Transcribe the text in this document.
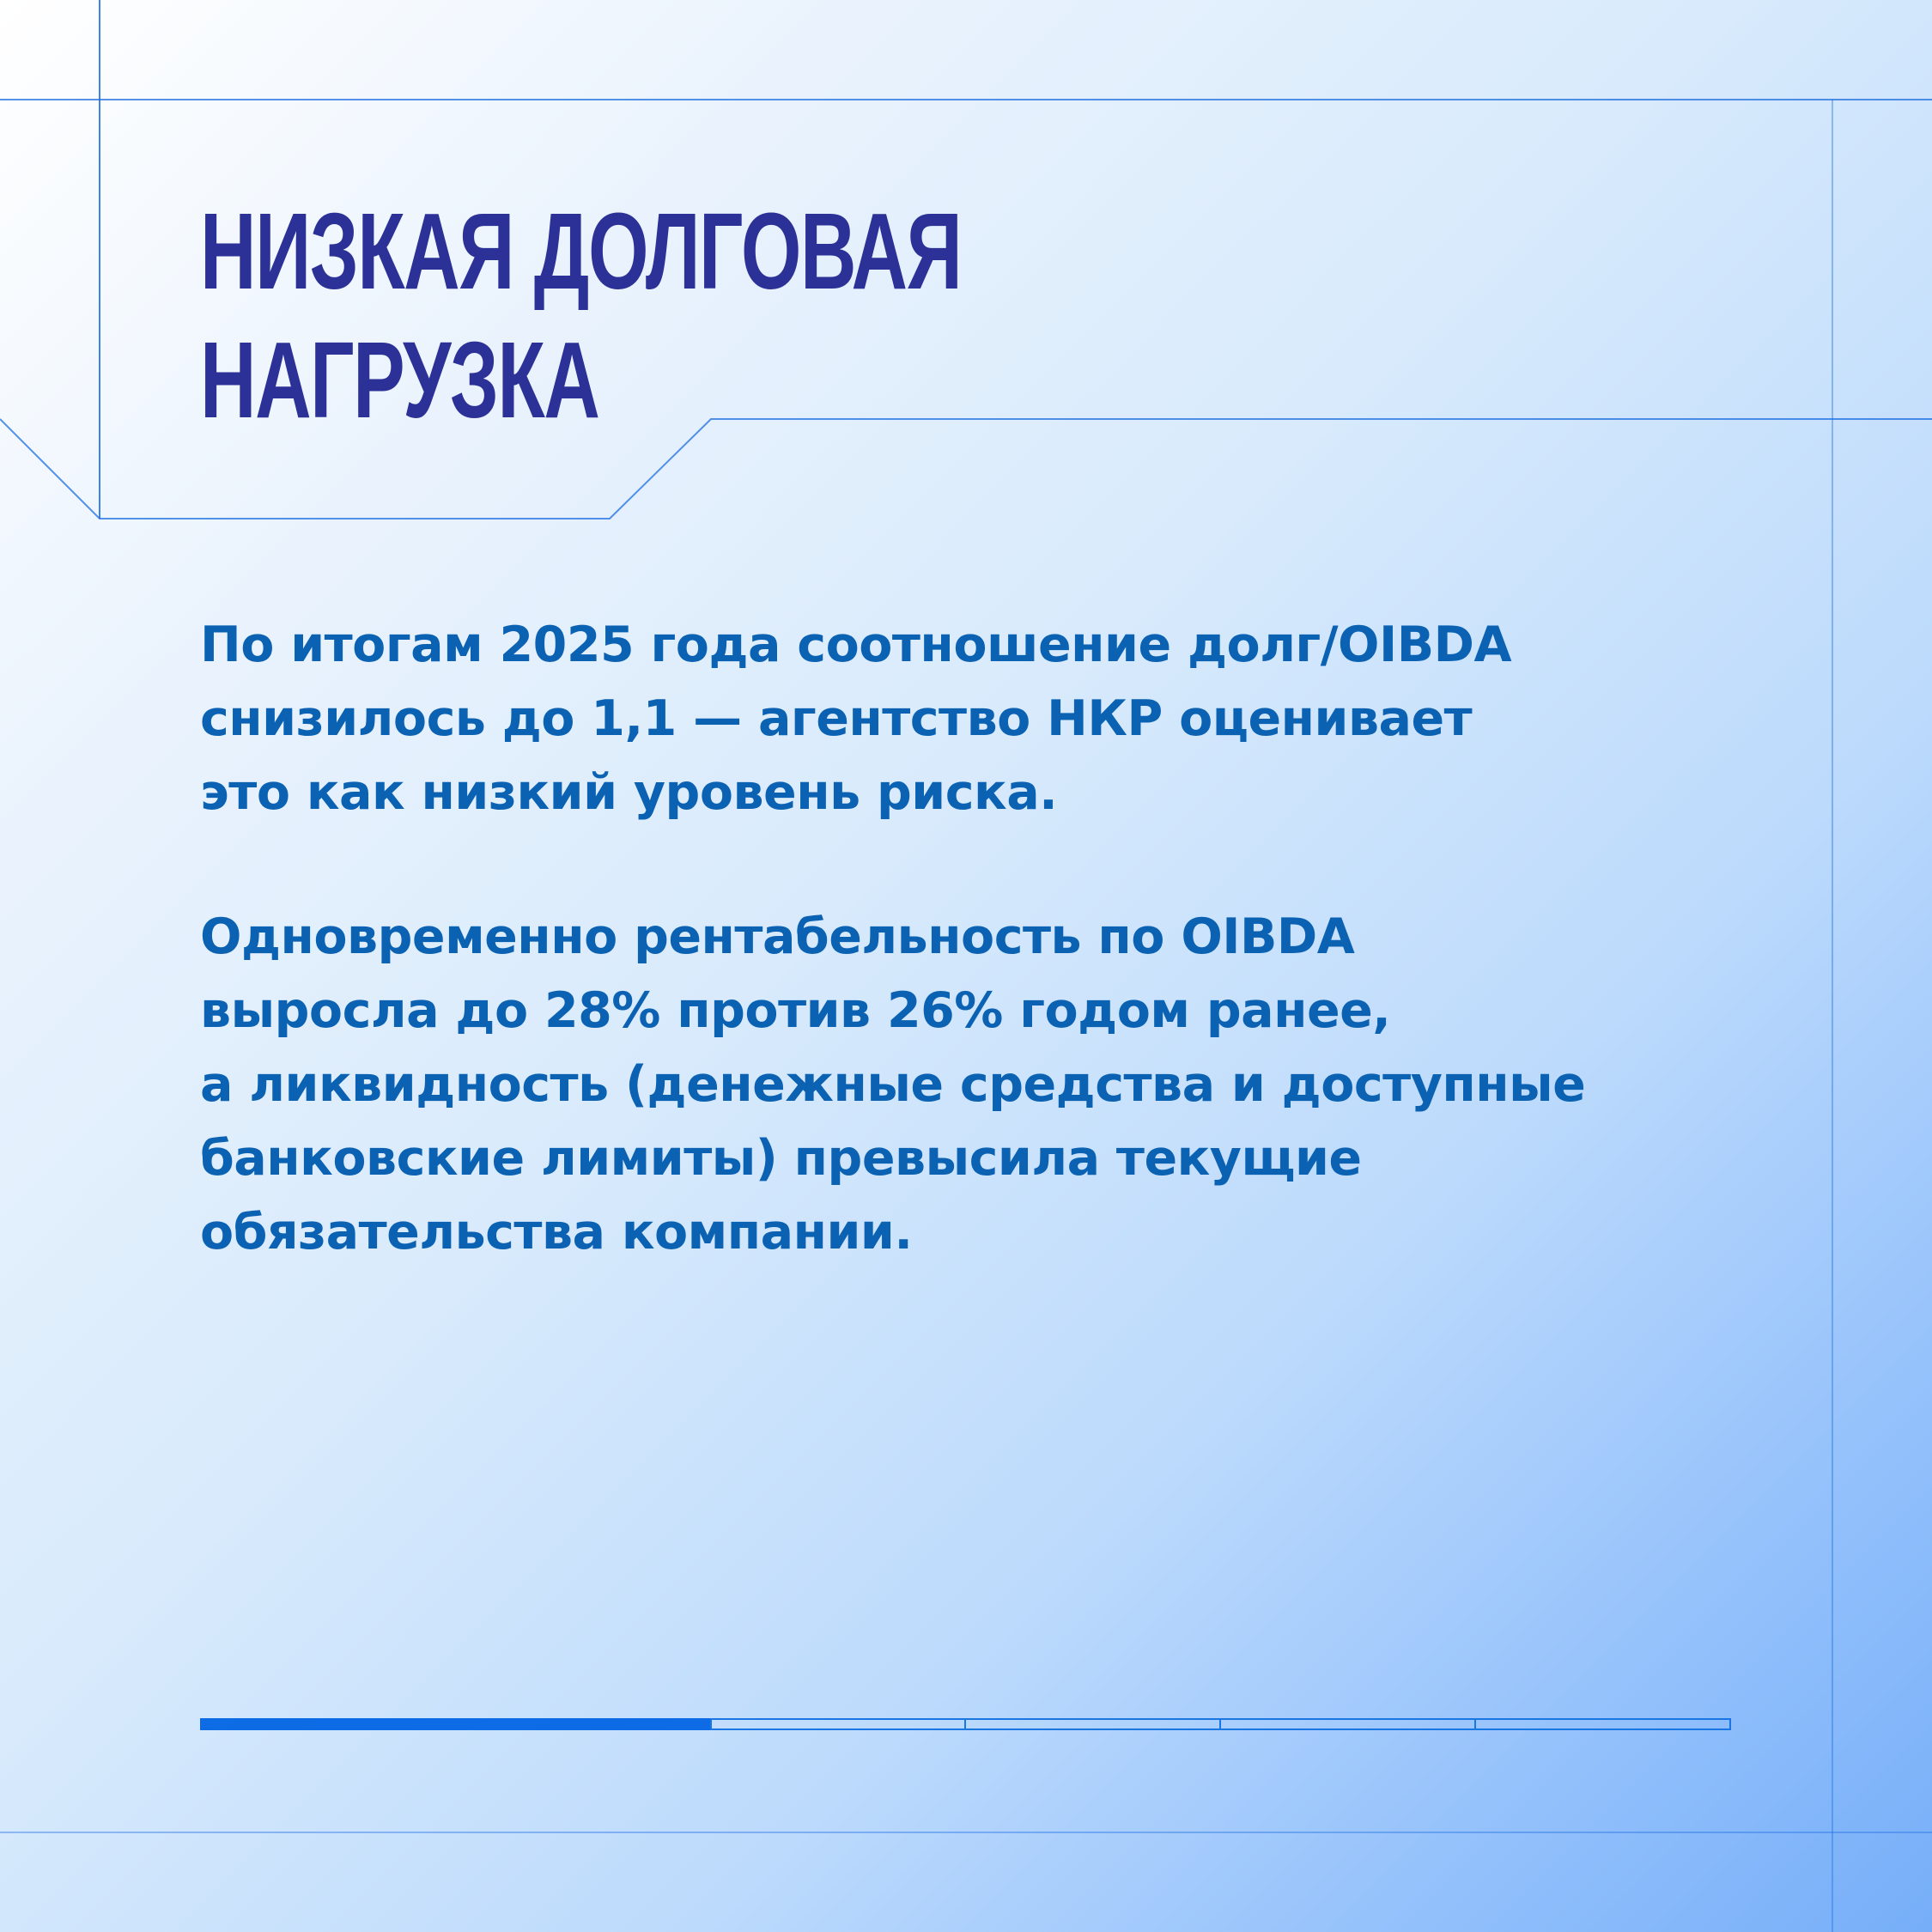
НИЗКАЯ ДОЛГОВАЯ
НАГРУЗКА

По итогам 2025 года соотношение долг/OIBDA
снизилось до 1,1 — агентство НКР оценивает
это как низкий уровень риска.

Одновременно рентабельность по OIBDA
выросла до 28% против 26% годом ранее,
а ликвидность (денежные средства и доступные
банковские лимиты) превысила текущие
обязательства компании.
